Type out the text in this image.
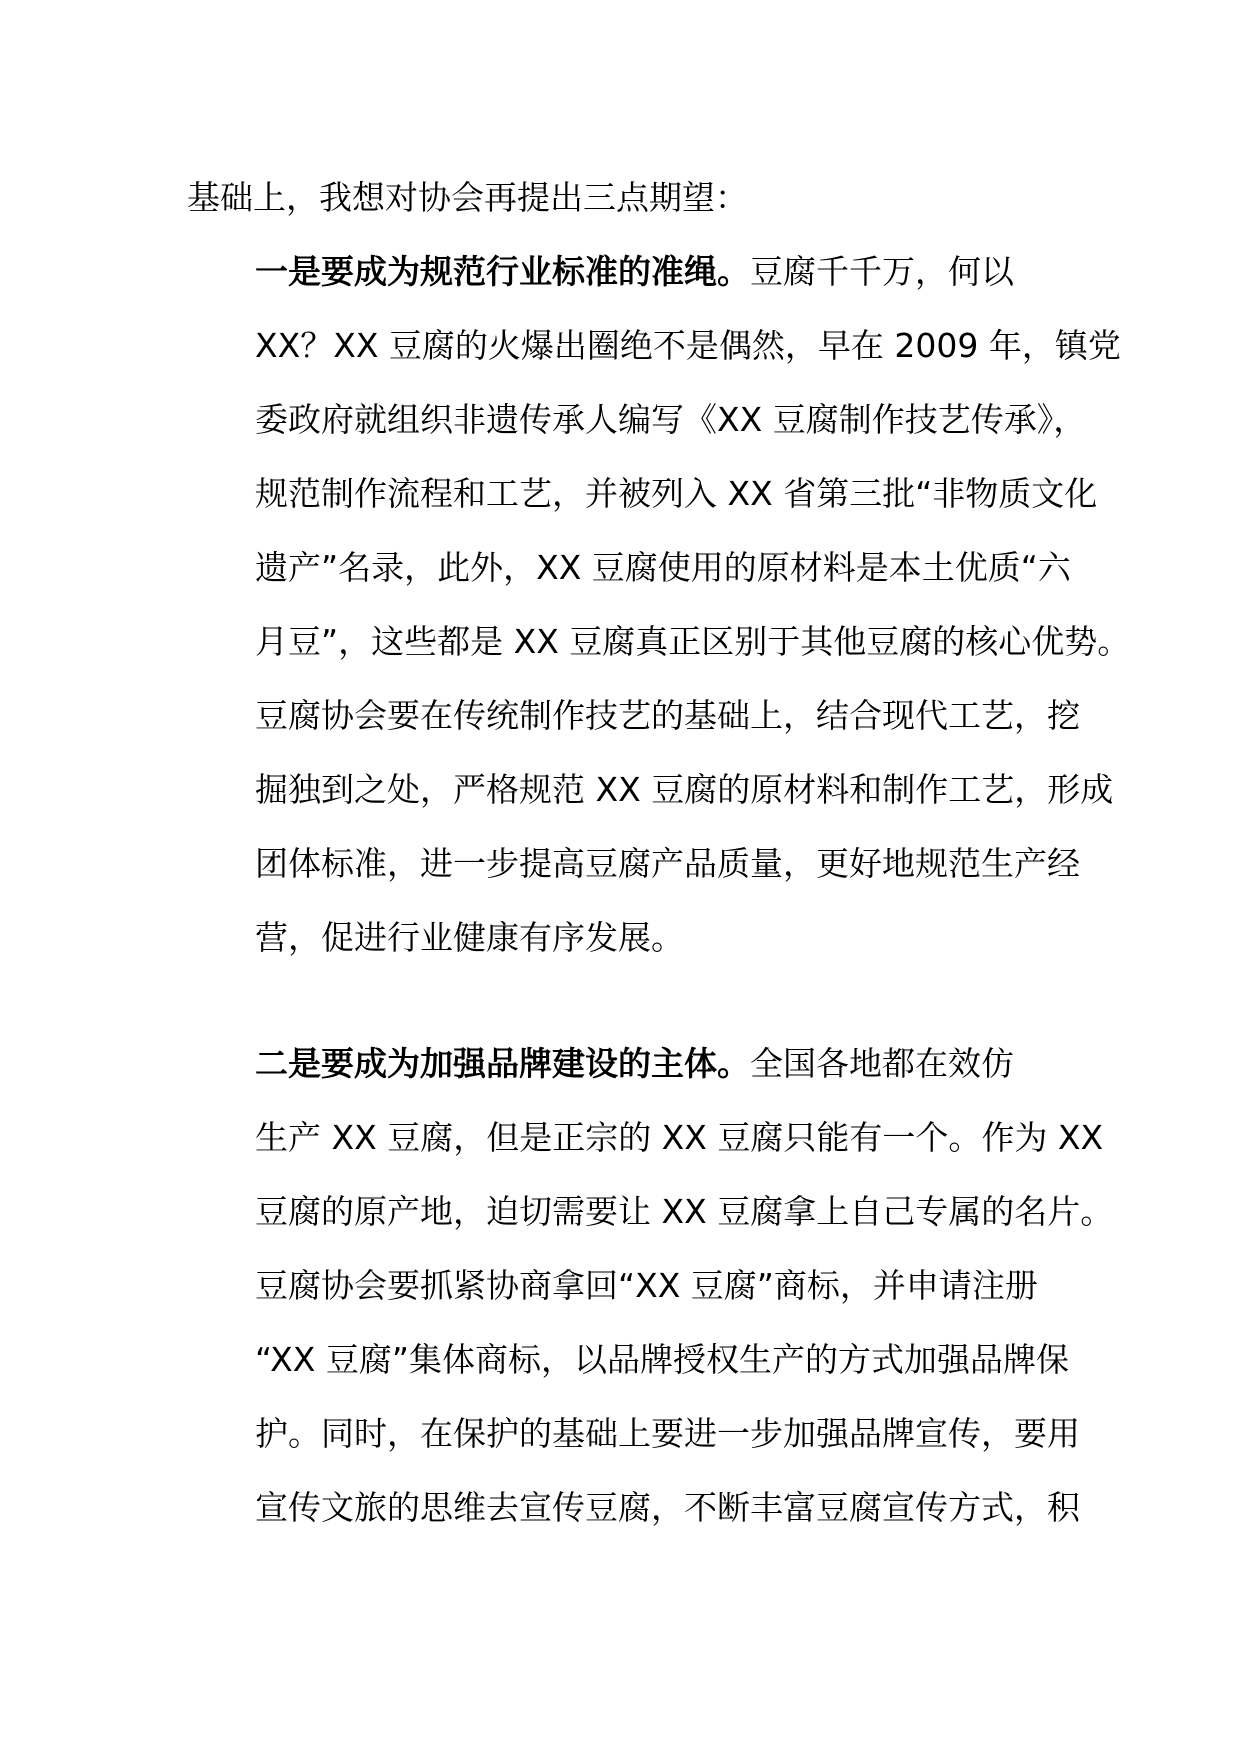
基础上，我想对协会再提出三点期望：
一是要成为规范行业标准的准绳。豆腐千千万，何以
XX？XX 豆腐的火爆出圈绝不是偶然，早在 2009 年，镇党
委政府就组织非遗传承人编写《XX 豆腐制作技艺传承》，
规范制作流程和工艺，并被列入 XX 省第三批“非物质文化
遗产”名录，此外，XX 豆腐使用的原材料是本土优质“六
月豆”，这些都是 XX 豆腐真正区别于其他豆腐的核心优势。
豆腐协会要在传统制作技艺的基础上，结合现代工艺，挖
掘独到之处，严格规范 XX 豆腐的原材料和制作工艺，形成
团体标准，进一步提高豆腐产品质量，更好地规范生产经
营，促进行业健康有序发展。
二是要成为加强品牌建设的主体。全国各地都在效仿
生产 XX 豆腐，但是正宗的 XX 豆腐只能有一个。作为 XX
豆腐的原产地，迫切需要让 XX 豆腐拿上自己专属的名片。
豆腐协会要抓紧协商拿回“XX 豆腐”商标，并申请注册
“XX 豆腐”集体商标，以品牌授权生产的方式加强品牌保
护。同时，在保护的基础上要进一步加强品牌宣传，要用
宣传文旅的思维去宣传豆腐，不断丰富豆腐宣传方式，积
